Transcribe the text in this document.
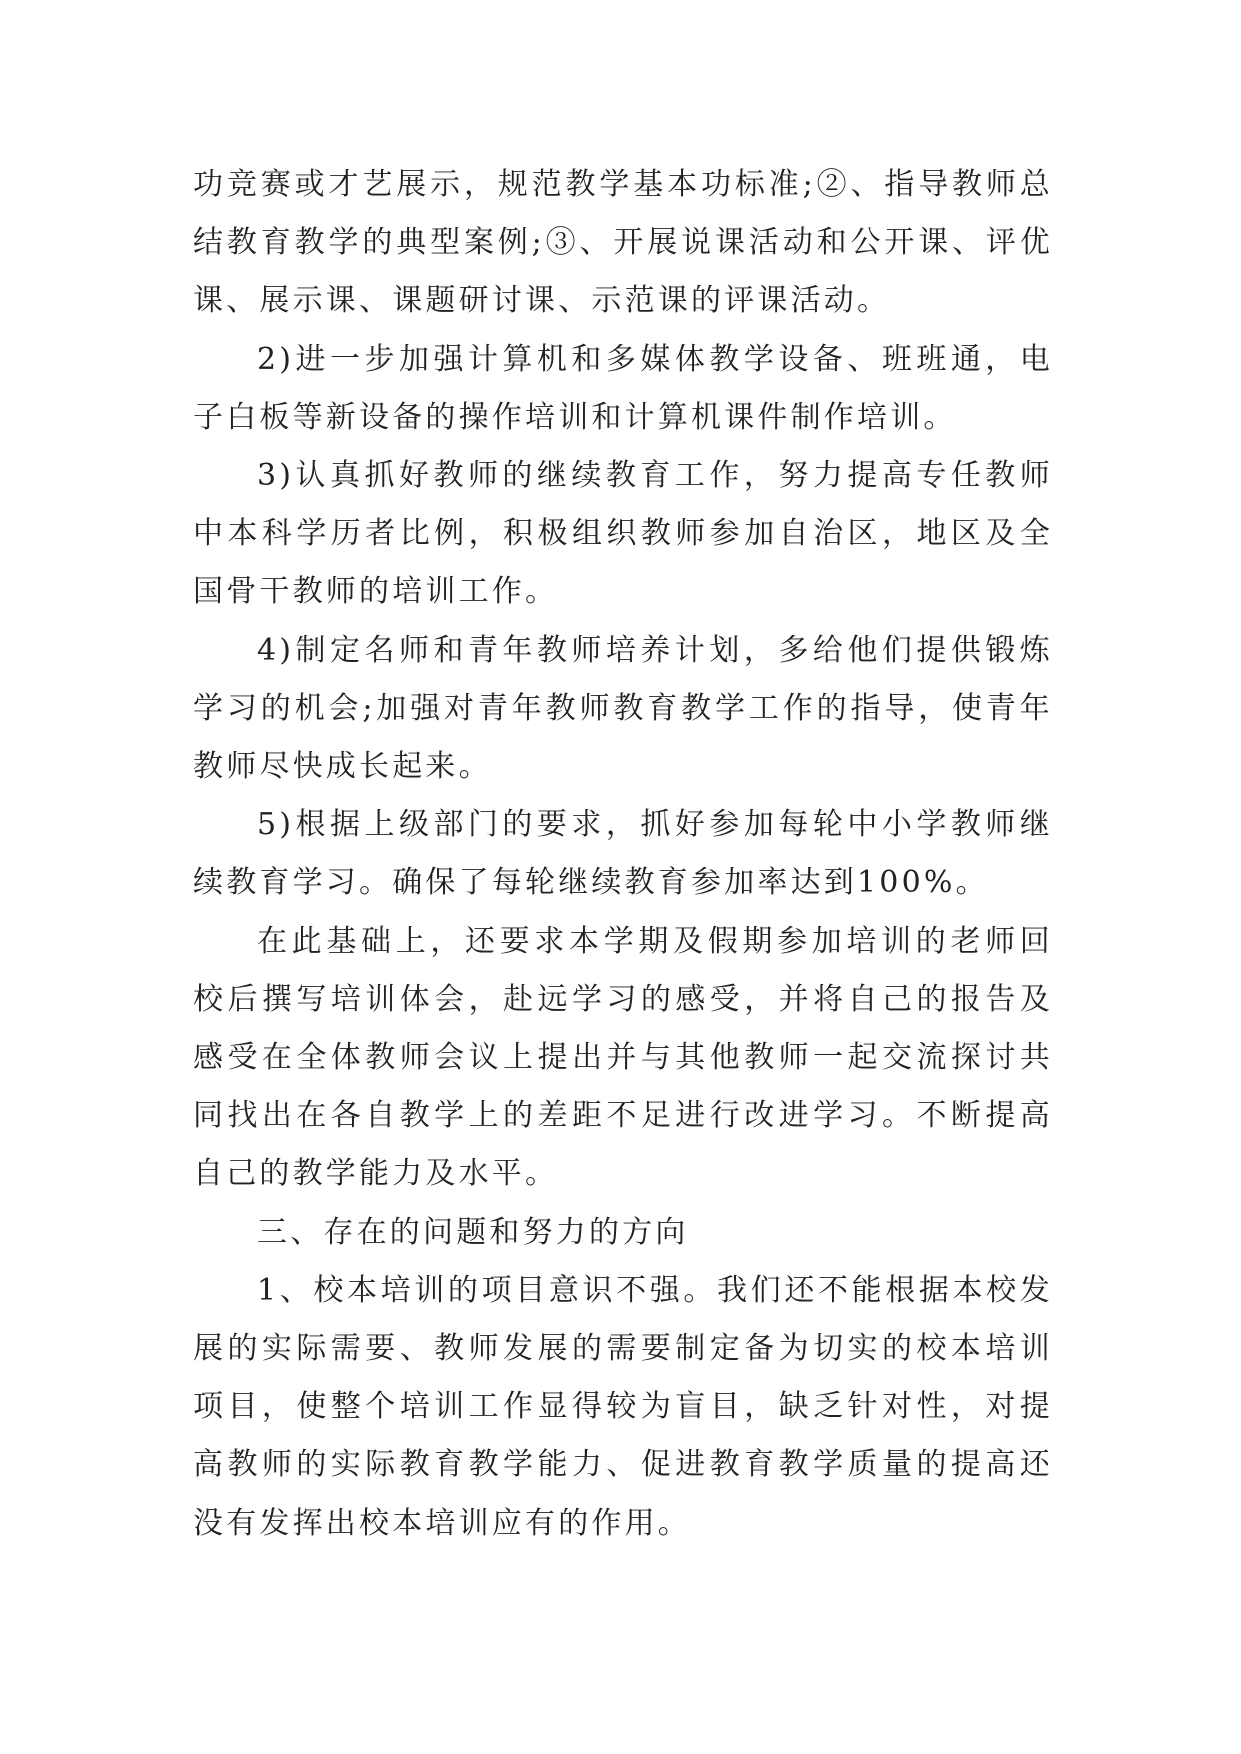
功竞赛或才艺展示，规范教学基本功标准;②、指导教师总结教育教学的典型案例;③、开展说课活动和公开课、评优课、展示课、课题研讨课、示范课的评课活动。

2)进一步加强计算机和多媒体教学设备、班班通，电子白板等新设备的操作培训和计算机课件制作培训。

3)认真抓好教师的继续教育工作，努力提高专任教师中本科学历者比例，积极组织教师参加自治区，地区及全国骨干教师的培训工作。

4)制定名师和青年教师培养计划，多给他们提供锻炼学习的机会;加强对青年教师教育教学工作的指导，使青年教师尽快成长起来。

5)根据上级部门的要求，抓好参加每轮中小学教师继续教育学习。确保了每轮继续教育参加率达到100%。

在此基础上，还要求本学期及假期参加培训的老师回校后撰写培训体会，赴远学习的感受，并将自己的报告及感受在全体教师会议上提出并与其他教师一起交流探讨共同找出在各自教学上的差距不足进行改进学习。不断提高自己的教学能力及水平。

三、存在的问题和努力的方向

1、校本培训的项目意识不强。我们还不能根据本校发展的实际需要、教师发展的需要制定备为切实的校本培训项目，使整个培训工作显得较为盲目，缺乏针对性，对提高教师的实际教育教学能力、促进教育教学质量的提高还没有发挥出校本培训应有的作用。
